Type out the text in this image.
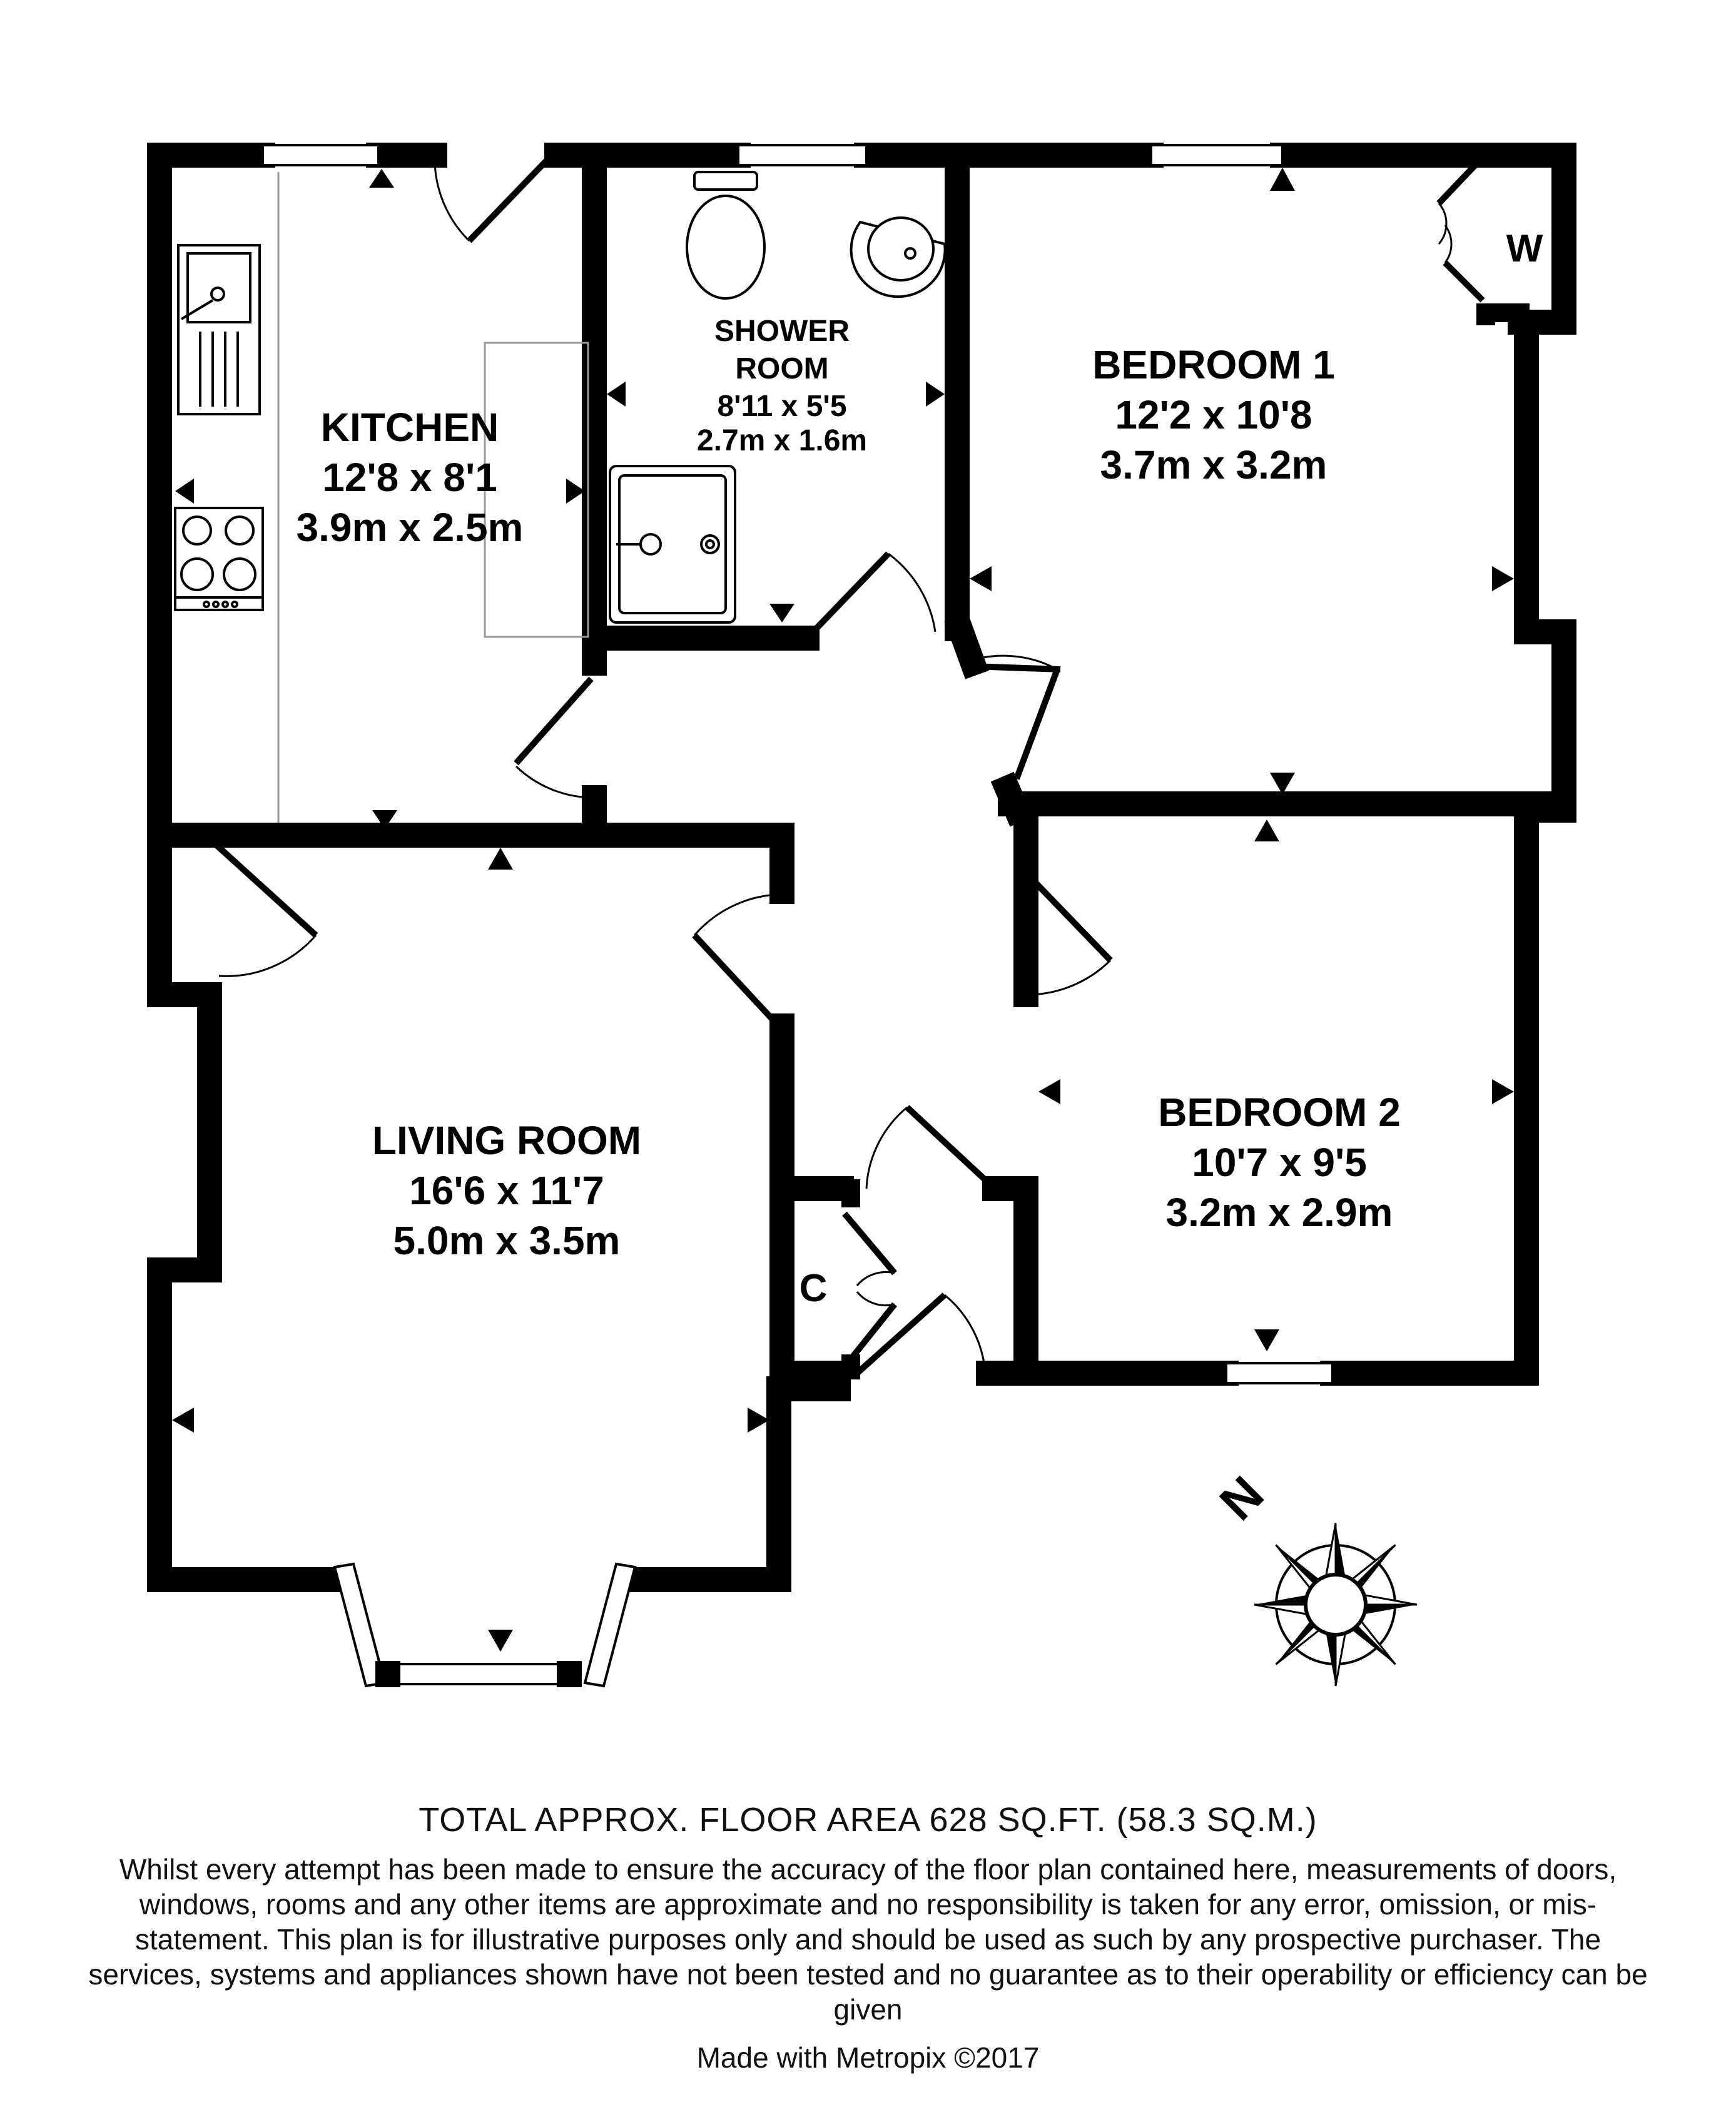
N
KITCHEN
12'8 x 8'1
3.9m x 2.5m
SHOWER
ROOM
8'11 x 5'5
2.7m x 1.6m
BEDROOM 1
12'2 x 10'8
3.7m x 3.2m
BEDROOM 2
10'7 x 9'5
3.2m x 2.9m
LIVING ROOM
16'6 x 11'7
5.0m x 3.5m
W
C
TOTAL APPROX. FLOOR AREA 628 SQ.FT. (58.3 SQ.M.)
Whilst every attempt has been made to ensure the accuracy of the floor plan contained here, measurements of doors, windows, rooms and any other items are approximate and no responsibility is taken for any error, omission, or mis-statement. This plan is for illustrative purposes only and should be used as such by any prospective purchaser. The services, systems and appliances shown have not been tested and no guarantee as to their operability or efficiency can be given
Made with Metropix ©2017
